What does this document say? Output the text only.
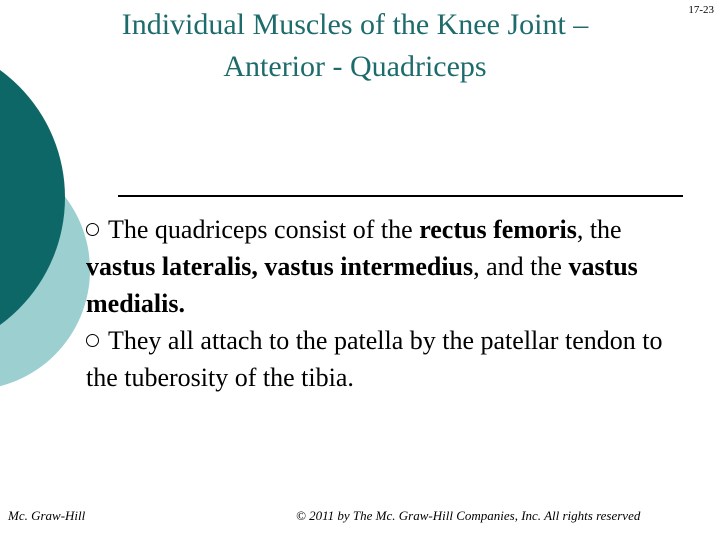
17-23
Individual Muscles of the Knee Joint –
Anterior - Quadriceps

The quadriceps consist of the rectus femoris, the vastus lateralis, vastus intermedius, and the vastus medialis.

They all attach to the patella by the patellar tendon to the tuberosity of the tibia.

Mc. Graw-Hill	© 2011 by The Mc. Graw-Hill Companies, Inc. All rights reserved
